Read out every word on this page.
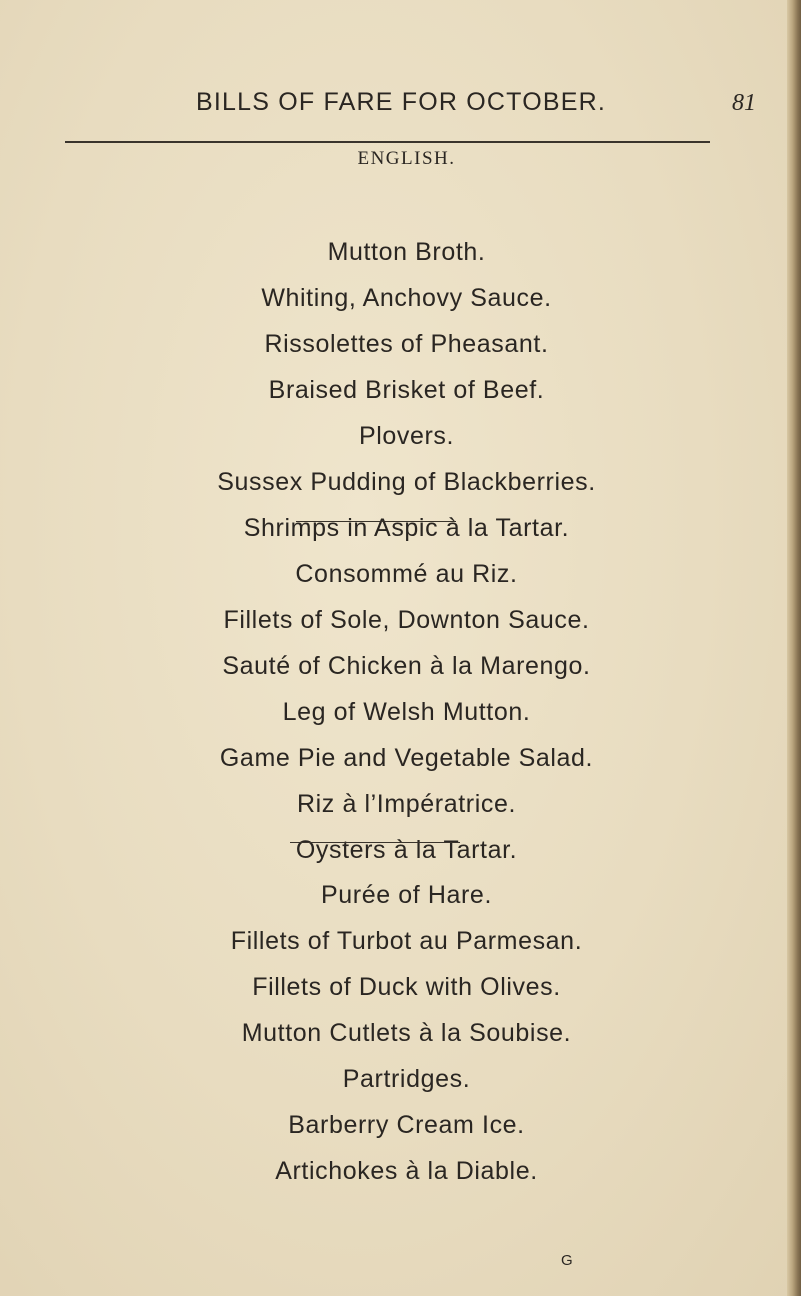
BILLS OF FARE FOR OCTOBER.	81
ENGLISH.
Mutton Broth.
Whiting, Anchovy Sauce.
Rissolettes of Pheasant.
Braised Brisket of Beef.
Plovers.
Sussex Pudding of Blackberries.
Shrimps in Aspic à la Tartar.
Consommé au Riz.
Fillets of Sole, Downton Sauce.
Sauté of Chicken à la Marengo.
Leg of Welsh Mutton.
Game Pie and Vegetable Salad.
Riz à l’Impératrice.
Oysters à la Tartar.
Purée of Hare.
Fillets of Turbot au Parmesan.
Fillets of Duck with Olives.
Mutton Cutlets à la Soubise.
Partridges.
Barberry Cream Ice.
Artichokes à la Diable.
G
